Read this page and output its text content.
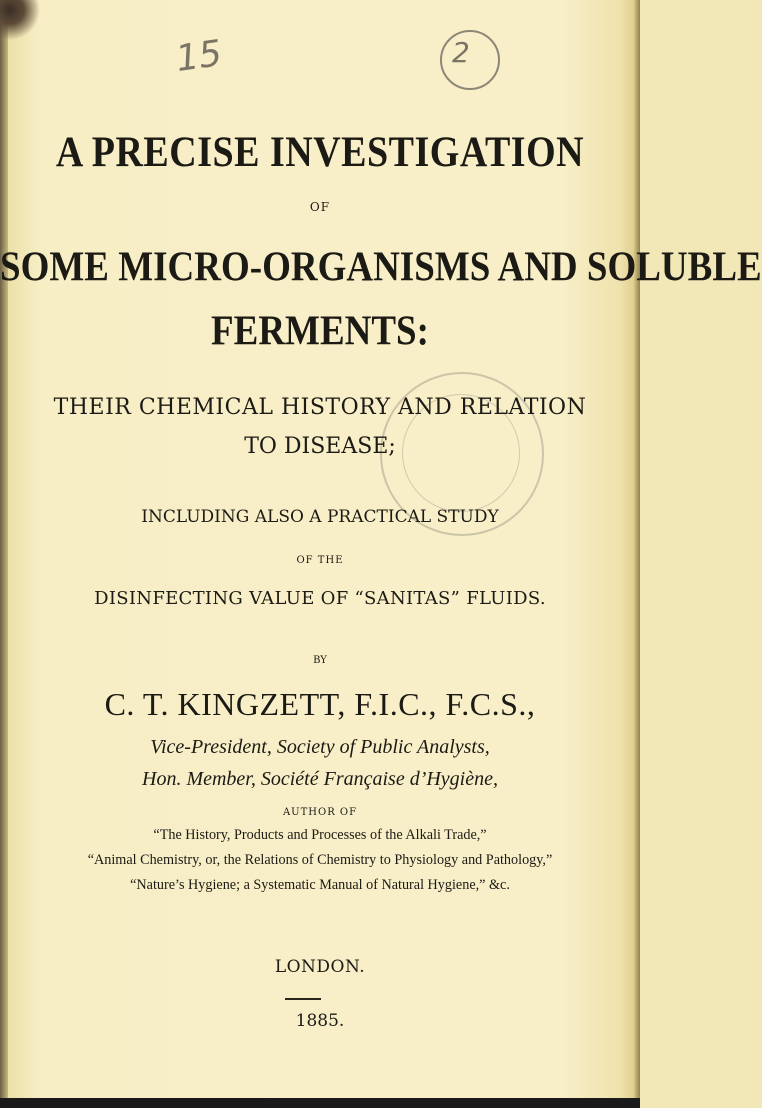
15	2
A PRECISE INVESTIGATION
OF
SOME MICRO-ORGANISMS AND SOLUBLE
FERMENTS:
THEIR CHEMICAL HISTORY AND RELATION
TO DISEASE;
INCLUDING ALSO A PRACTICAL STUDY
OF THE
DISINFECTING VALUE OF “SANITAS” FLUIDS.
BY
C. T. KINGZETT, F.I.C., F.C.S.,
Vice-President, Society of Public Analysts,
Hon. Member, Société Française d’Hygiène,
AUTHOR OF
“The History, Products and Processes of the Alkali Trade,”
“Animal Chemistry, or, the Relations of Chemistry to Physiology and Pathology,”
“Nature’s Hygiene; a Systematic Manual of Natural Hygiene,” &c.
LONDON.
1885.
